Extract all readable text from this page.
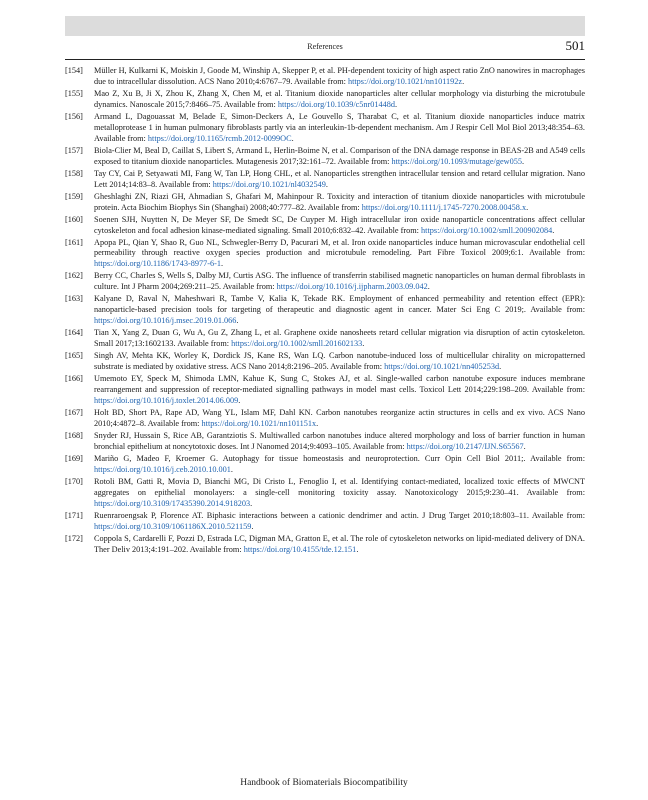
References	501
[154] Müller H, Kulkarni K, Moiskin J, Goode M, Winship A, Skepper P, et al. PH-dependent toxicity of high aspect ratio ZnO nanowires in macrophages due to intracellular dissolution. ACS Nano 2010;4:6767–79. Available from: https://doi.org/10.1021/nn101192z.
[155] Mao Z, Xu B, Ji X, Zhou K, Zhang X, Chen M, et al. Titanium dioxide nanoparticles alter cellular morphology via disturbing the microtubule dynamics. Nanoscale 2015;7:8466–75. Available from: https://doi.org/10.1039/c5nr01448d.
[156] Armand L, Dagouassat M, Belade E, Simon-Deckers A, Le Gouvello S, Tharabat C, et al. Titanium dioxide nanoparticles induce matrix metalloprotease 1 in human pulmonary fibroblasts partly via an interleukin-1b-dependent mechanism. Am J Respir Cell Mol Biol 2013;48:354–63. Available from: https://doi.org/10.1165/rcmb.2012-0099OC.
[157] Biola-Clier M, Beal D, Caillat S, Libert S, Armand L, Herlin-Boime N, et al. Comparison of the DNA damage response in BEAS-2B and A549 cells exposed to titanium dioxide nanoparticles. Mutagenesis 2017;32:161–72. Available from: https://doi.org/10.1093/mutage/gew055.
[158] Tay CY, Cai P, Setyawati MI, Fang W, Tan LP, Hong CHL, et al. Nanoparticles strengthen intracellular tension and retard cellular migration. Nano Lett 2014;14:83–8. Available from: https://doi.org/10.1021/nl4032549.
[159] Gheshlaghi ZN, Riazi GH, Ahmadian S, Ghafari M, Mahinpour R. Toxicity and interaction of titanium dioxide nanoparticles with microtubule protein. Acta Biochim Biophys Sin (Shanghai) 2008;40:777–82. Available from: https://doi.org/10.1111/j.1745-7270.2008.00458.x.
[160] Soenen SJH, Nuytten N, De Meyer SF, De Smedt SC, De Cuyper M. High intracellular iron oxide nanoparticle concentrations affect cellular cytoskeleton and focal adhesion kinase-mediated signaling. Small 2010;6:832–42. Available from: https://doi.org/10.1002/smll.200902084.
[161] Apopa PL, Qian Y, Shao R, Guo NL, Schwegler-Berry D, Pacurari M, et al. Iron oxide nanoparticles induce human microvascular endothelial cell permeability through reactive oxygen species production and microtubule remodeling. Part Fibre Toxicol 2009;6:1. Available from: https://doi.org/10.1186/1743-8977-6-1.
[162] Berry CC, Charles S, Wells S, Dalby MJ, Curtis ASG. The influence of transferrin stabilised magnetic nanoparticles on human dermal fibroblasts in culture. Int J Pharm 2004;269:211–25. Available from: https://doi.org/10.1016/j.ijpharm.2003.09.042.
[163] Kalyane D, Raval N, Maheshwari R, Tambe V, Kalia K, Tekade RK. Employment of enhanced permeability and retention effect (EPR): nanoparticle-based precision tools for targeting of therapeutic and diagnostic agent in cancer. Mater Sci Eng C 2019;. Available from: https://doi.org/10.1016/j.msec.2019.01.066.
[164] Tian X, Yang Z, Duan G, Wu A, Gu Z, Zhang L, et al. Graphene oxide nanosheets retard cellular migration via disruption of actin cytoskeleton. Small 2017;13:1602133. Available from: https://doi.org/10.1002/smll.201602133.
[165] Singh AV, Mehta KK, Worley K, Dordick JS, Kane RS, Wan LQ. Carbon nanotube-induced loss of multicellular chirality on micropatterned substrate is mediated by oxidative stress. ACS Nano 2014;8:2196–205. Available from: https://doi.org/10.1021/nn405253d.
[166] Umemoto EY, Speck M, Shimoda LMN, Kahue K, Sung C, Stokes AJ, et al. Single-walled carbon nanotube exposure induces membrane rearrangement and suppression of receptor-mediated signalling pathways in model mast cells. Toxicol Lett 2014;229:198–209. Available from: https://doi.org/10.1016/j.toxlet.2014.06.009.
[167] Holt BD, Short PA, Rape AD, Wang YL, Islam MF, Dahl KN. Carbon nanotubes reorganize actin structures in cells and ex vivo. ACS Nano 2010;4:4872–8. Available from: https://doi.org/10.1021/nn101151x.
[168] Snyder RJ, Hussain S, Rice AB, Garantziotis S. Multiwalled carbon nanotubes induce altered morphology and loss of barrier function in human bronchial epithelium at noncytotoxic doses. Int J Nanomed 2014;9:4093–105. Available from: https://doi.org/10.2147/IJN.S65567.
[169] Mariño G, Madeo F, Kroemer G. Autophagy for tissue homeostasis and neuroprotection. Curr Opin Cell Biol 2011;. Available from: https://doi.org/10.1016/j.ceb.2010.10.001.
[170] Rotoli BM, Gatti R, Movia D, Bianchi MG, Di Cristo L, Fenoglio I, et al. Identifying contact-mediated, localized toxic effects of MWCNT aggregates on epithelial monolayers: a single-cell monitoring toxicity assay. Nanotoxicology 2015;9:230–41. Available from: https://doi.org/10.3109/17435390.2014.918203.
[171] Ruenraroengsak P, Florence AT. Biphasic interactions between a cationic dendrimer and actin. J Drug Target 2010;18:803–11. Available from: https://doi.org/10.3109/1061186X.2010.521159.
[172] Coppola S, Cardarelli F, Pozzi D, Estrada LC, Digman MA, Gratton E, et al. The role of cytoskeleton networks on lipid-mediated delivery of DNA. Ther Deliv 2013;4:191–202. Available from: https://doi.org/10.4155/tde.12.151.
Handbook of Biomaterials Biocompatibility
